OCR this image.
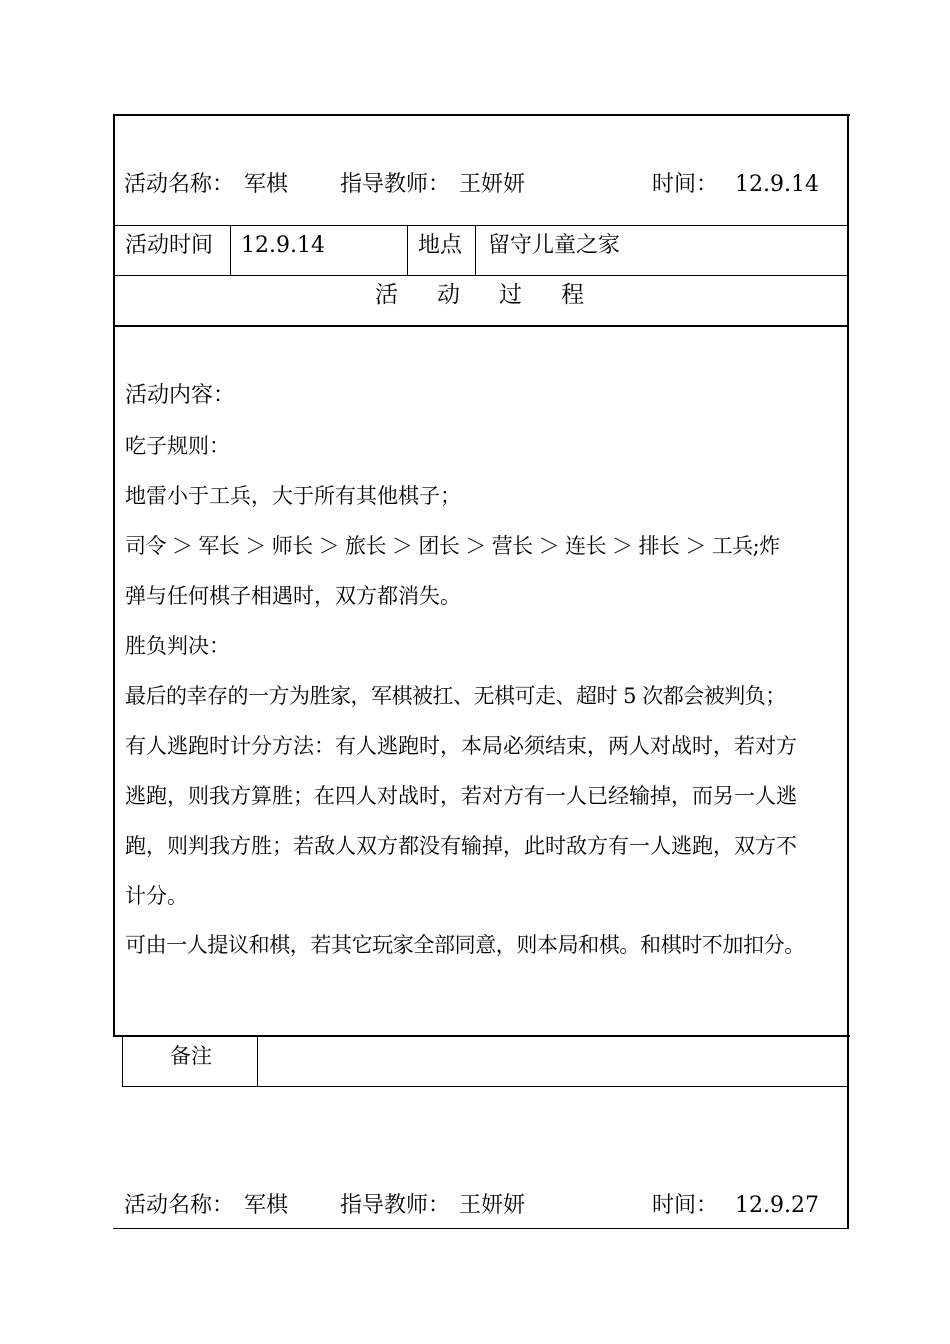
活动名称： 军棋 指导教师： 王妍妍	时间： 12.9.14
活动时间 12.9.14	地点 留守儿童之家
活　动　过　程
活动内容：
吃子规则：
地雷小于工兵，大于所有其他棋子；
司令 ＞ 军长 ＞ 师长 ＞ 旅长 ＞ 团长 ＞ 营长 ＞ 连长 ＞ 排长 ＞ 工兵;炸
弹与任何棋子相遇时，双方都消失。
胜负判决：
最后的幸存的一方为胜家，军棋被扛、无棋可走、超时 5 次都会被判负；
有人逃跑时计分方法：有人逃跑时，本局必须结束，两人对战时，若对方
逃跑，则我方算胜；在四人对战时，若对方有一人已经输掉，而另一人逃
跑，则判我方胜；若敌人双方都没有输掉，此时敌方有一人逃跑，双方不
计分。
可由一人提议和棋，若其它玩家全部同意，则本局和棋。和棋时不加扣分。
备注
活动名称： 军棋 指导教师： 王妍妍	时间： 12.9.27
